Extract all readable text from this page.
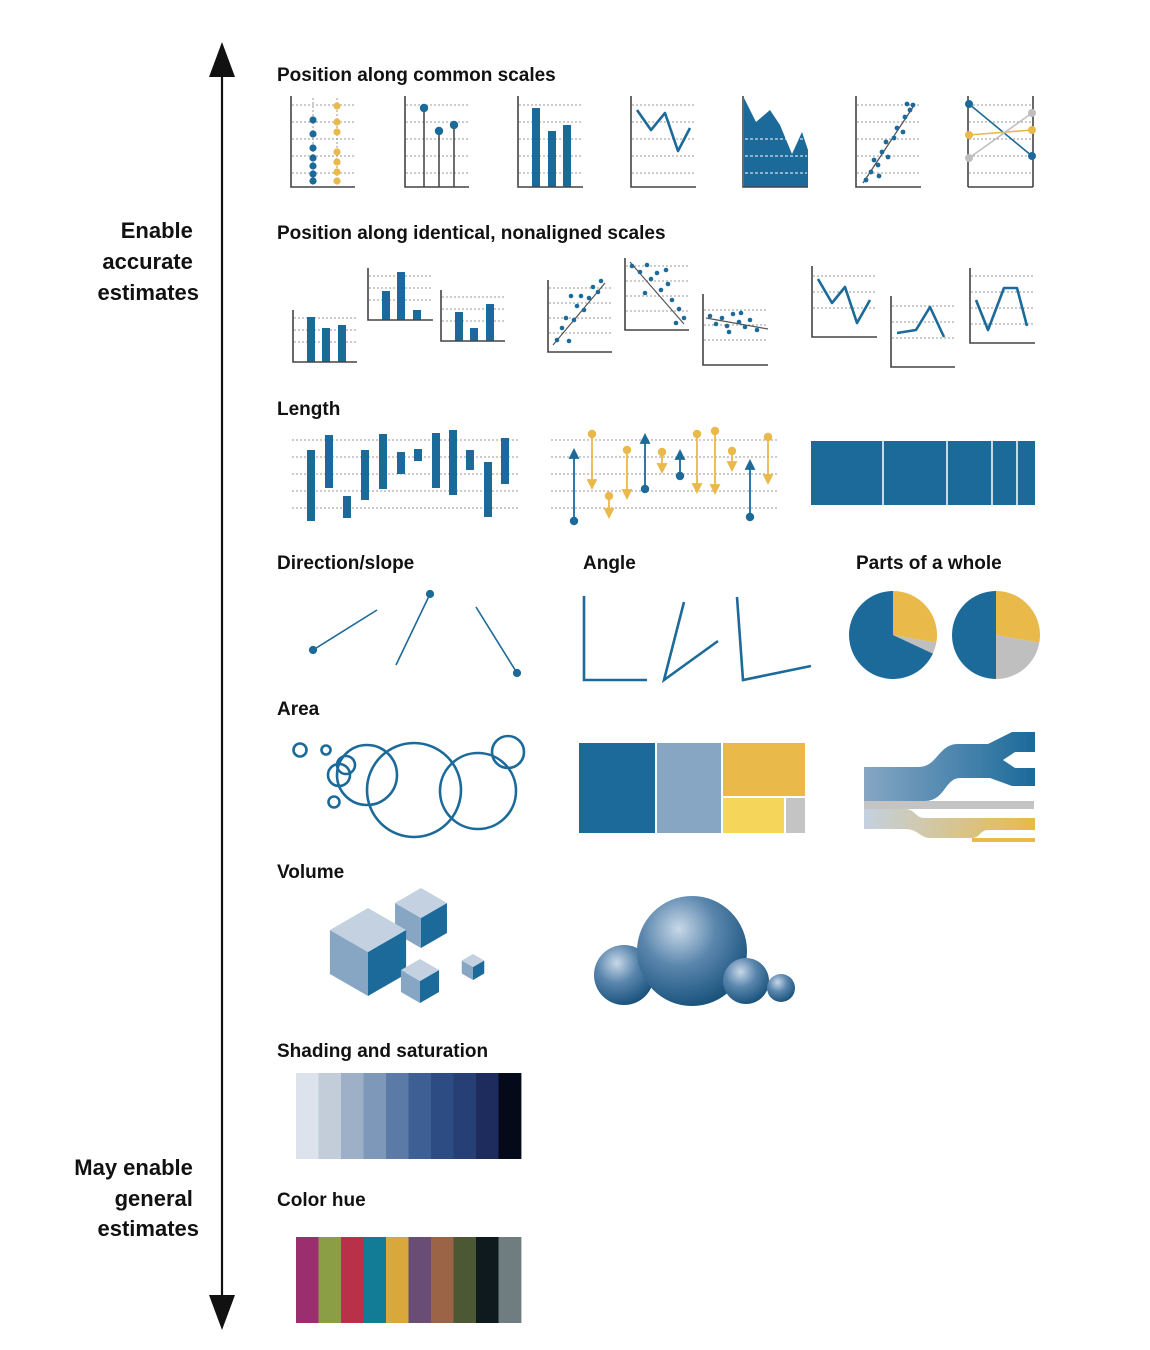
Enable accurate estimates
May enable general estimates
Position along common scales
Position along identical, nonaligned scales
Length
Direction/slope	Angle	Parts of a whole
Area
Volume
Shading and saturation
Color hue
